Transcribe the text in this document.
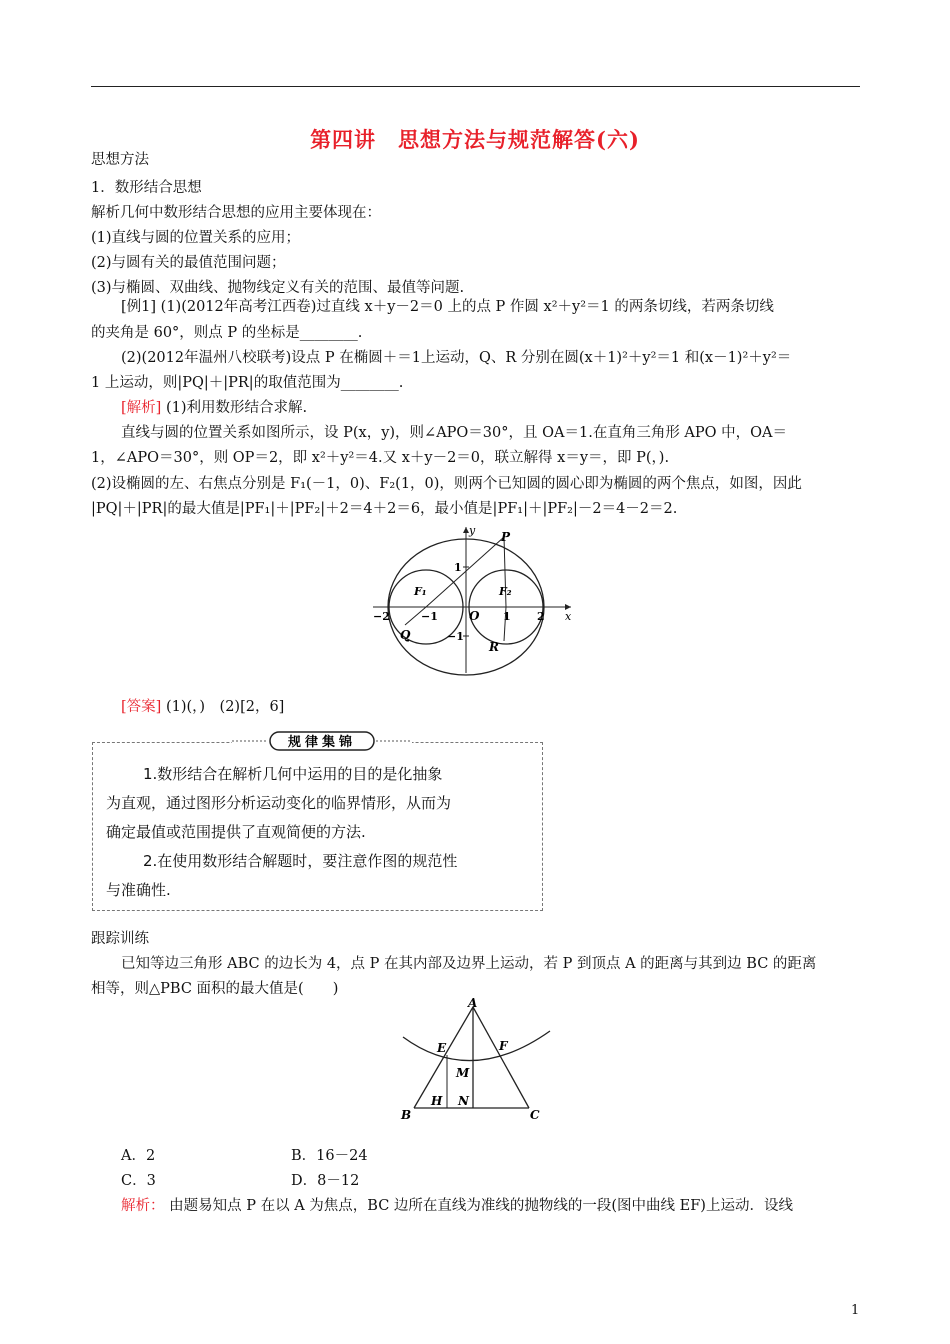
第四讲　思想方法与规范解答(六)
思想方法
1．数形结合思想
解析几何中数形结合思想的应用主要体现在：
(1)直线与圆的位置关系的应用；
(2)与圆有关的最值范围问题；
(3)与椭圆、双曲线、抛物线定义有关的范围、最值等问题.
[例1] (1)(2012年高考江西卷)过直线 x＋y－2＝0 上的点 P 作圆 x²＋y²＝1 的两条切线，若两条切线
的夹角是 60°，则点 P 的坐标是________.
(2)(2012年温州八校联考)设点 P 在椭圆＋＝1上运动，Q、R 分别在圆(x＋1)²＋y²＝1 和(x－1)²＋y²＝
1 上运动，则|PQ|＋|PR|的取值范围为________.
[解析] (1)利用数形结合求解.
直线与圆的位置关系如图所示，设 P(x，y)，则∠APO＝30°，且 OA＝1.在直角三角形 APO 中，OA＝
1，∠APO＝30°，则 OP＝2，即 x²＋y²＝4.又 x＋y－2＝0，联立解得 x＝y＝，即 P(，).
(2)设椭圆的左、右焦点分别是 F₁(－1，0)、F₂(1，0)，则两个已知圆的圆心即为椭圆的两个焦点，如图，因此
|PQ|＋|PR|的最大值是|PF₁|＋|PF₂|＋2＝4＋2＝6，最小值是|PF₁|＋|PF₂|－2＝4－2＝2.
y
x
P
F₁	F₂
Q
R
O
1
−1
−2	−1	1 2
[答案] (1)(，)　(2)[2，6]
规律集锦
1.数形结合在解析几何中运用的目的是化抽象
为直观，通过图形分析运动变化的临界情形，从而为
确定最值或范围提供了直观简便的方法.
2.在使用数形结合解题时，要注意作图的规范性
与准确性.
跟踪训练
已知等边三角形 ABC 的边长为 4，点 P 在其内部及边界上运动，若 P 到顶点 A 的距离与其到边 BC 的距离
相等，则△PBC 面积的最大值是(　　)
A
E	F
M
H N
B	C
A．2	B．16－24
C．3	D．8－12
解析： 由题易知点 P 在以 A 为焦点，BC 边所在直线为准线的抛物线的一段(图中曲线 EF)上运动．设线
1
